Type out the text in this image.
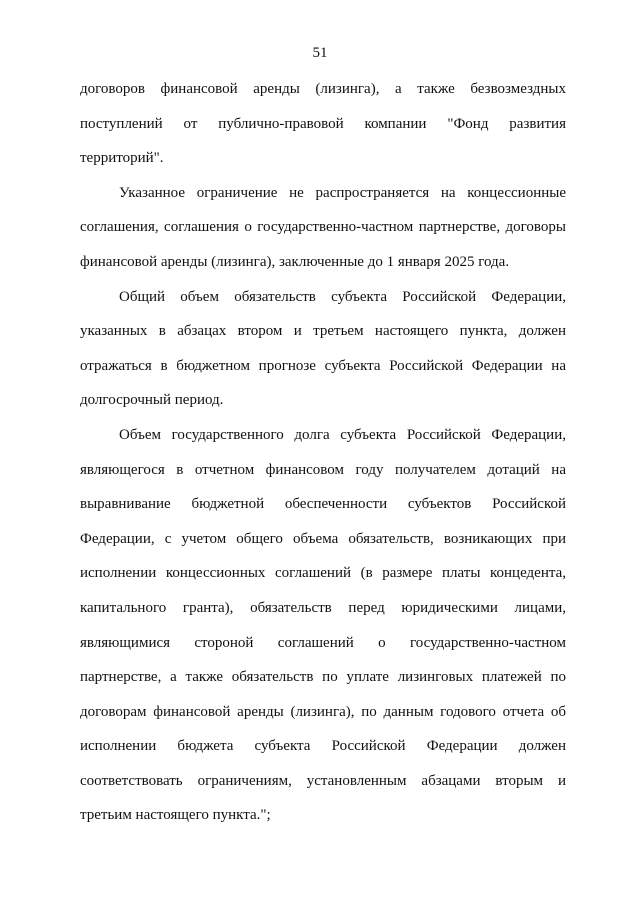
51
договоров финансовой аренды (лизинга), а также безвозмездных
поступлений от публично-правовой компании "Фонд развития
территорий".
Указанное ограничение не распространяется на концессионные
соглашения, соглашения о государственно-частном партнерстве, договоры
финансовой аренды (лизинга), заключенные до 1 января 2025 года.
Общий объем обязательств субъекта Российской Федерации,
указанных в абзацах втором и третьем настоящего пункта, должен
отражаться в бюджетном прогнозе субъекта Российской Федерации на
долгосрочный период.
Объем государственного долга субъекта Российской Федерации,
являющегося в отчетном финансовом году получателем дотаций на
выравнивание бюджетной обеспеченности субъектов Российской
Федерации, с учетом общего объема обязательств, возникающих при
исполнении концессионных соглашений (в размере платы концедента,
капитального гранта), обязательств перед юридическими лицами,
являющимися стороной соглашений о государственно-частном
партнерстве, а также обязательств по уплате лизинговых платежей по
договорам финансовой аренды (лизинга), по данным годового отчета об
исполнении бюджета субъекта Российской Федерации должен
соответствовать ограничениям, установленным абзацами вторым и
третьим настоящего пункта.";
